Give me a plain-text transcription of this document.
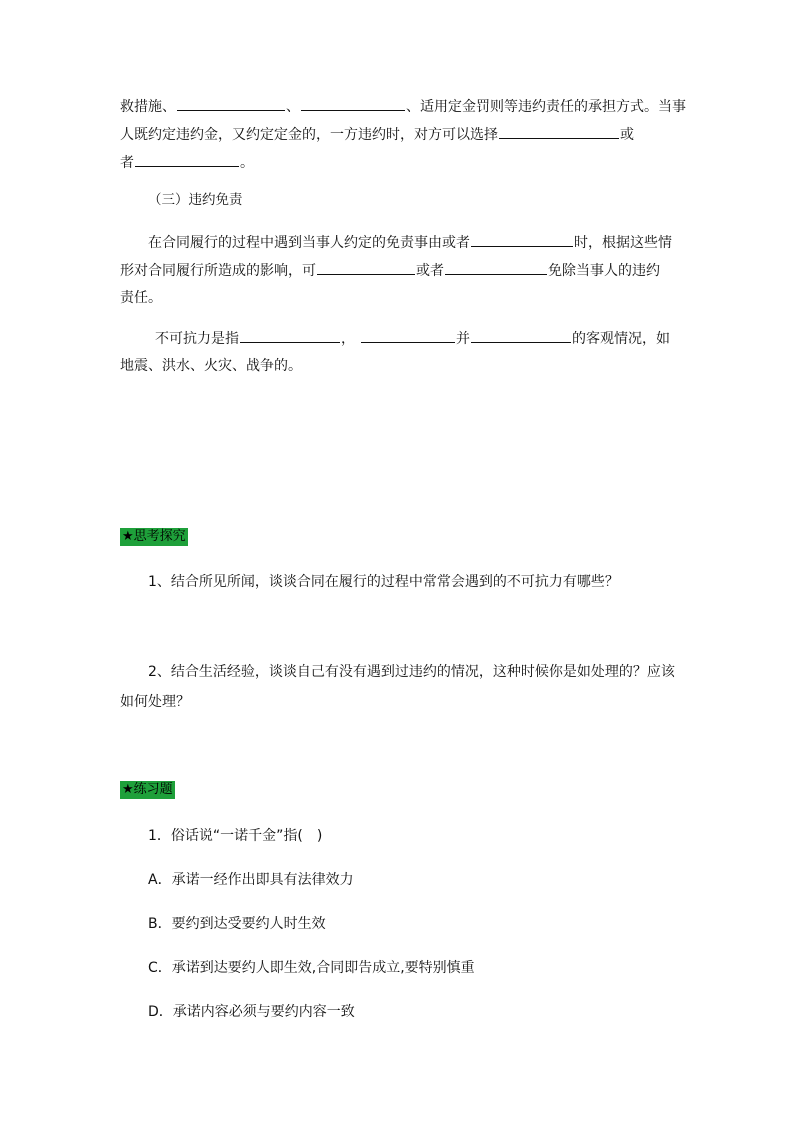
救措施、	、	、适用定金罚则等违约责任的承担方式。当事
人既约定违约金，又约定定金的，一方违约时，对方可以选择	或
者	。
（三）违约免责
在合同履行的过程中遇到当事人约定的免责事由或者	时，根据这些情
形对合同履行所造成的影响，可	或者	免除当事人的违约
责任。
不可抗力是指	，	并	的客观情况，如
地震、洪水、火灾、战争的。
★思考探究
1、结合所见所闻，谈谈合同在履行的过程中常常会遇到的不可抗力有哪些？
2、结合生活经验，谈谈自己有没有遇到过违约的情况，这种时候你是如处理的？应该
如何处理？
★练习题
1．俗话说“一诺千金”指(　)
A．承诺一经作出即具有法律效力
B．要约到达受要约人时生效
C．承诺到达要约人即生效,合同即告成立,要特别慎重
D．承诺内容必须与要约内容一致
